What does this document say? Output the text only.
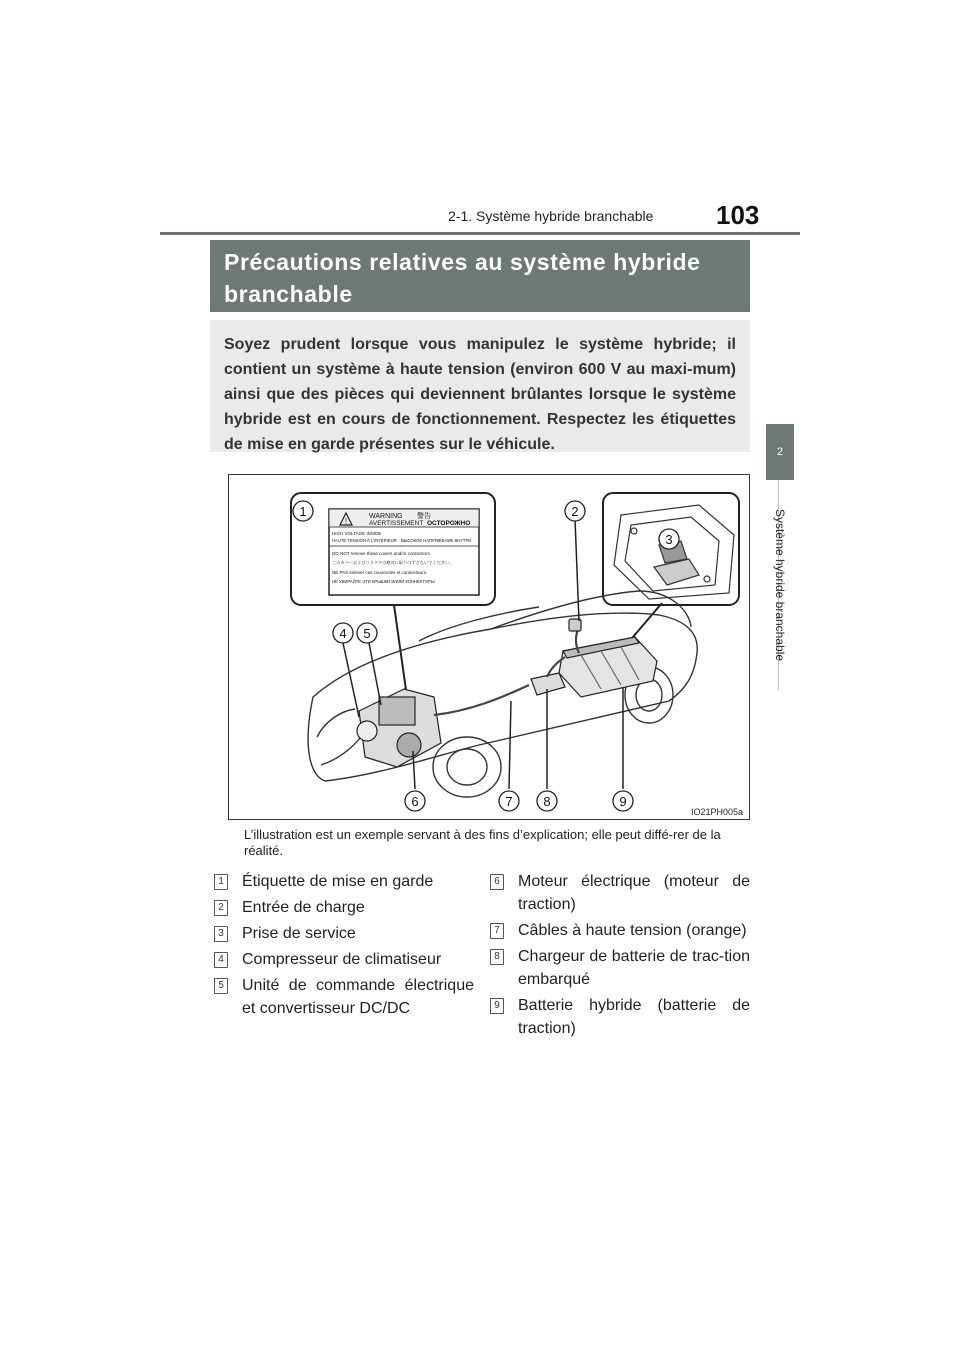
2-1. Système hybride branchable 103
2
Système hybride branchable
Précautions relatives au système hybride
branchable
Soyez prudent lorsque vous manipulez le système hybride; il contient un système à haute tension (environ 600 V au maxi-mum) ainsi que des pièces qui deviennent brûlantes lorsque le système hybride est en cours de fonctionnement. Respectez les étiquettes de mise en garde présentes sur le véhicule.
!
WARNING
AVERTISSEMENT
警告
ОСТОРОЖНО
HIGH VOLTAGE INSIDE
HAUTE TENSION À L'INTÉRIEUR ВЫСОКОЕ НАПРЯЖЕНИЕ ВНУТРИ
DO NOT remove these covers and/or connectors.
このカバーおよびコネクタは絶対に取りはずさないでください。
NE PAS enlever ces couvercles et connecteurs.
НЕ УБИРАЙТЕ ЭТИ КРЫШКИ И/ИЛИ КОННЕКТОРЫ.
1	2
3
4 5
6	7 8	9
IO21PH005a
L’illustration est un exemple servant à des fins d’explication; elle peut diffé-rer de la réalité.
1 Étiquette de mise en garde
2 Entrée de charge
3 Prise de service
4 Compresseur de climatiseur
5 Unité de commande électrique et convertisseur DC/DC
6 Moteur électrique (moteur de traction)
7 Câbles à haute tension (orange)
8 Chargeur de batterie de trac-tion embarqué
9 Batterie hybride (batterie de traction)
